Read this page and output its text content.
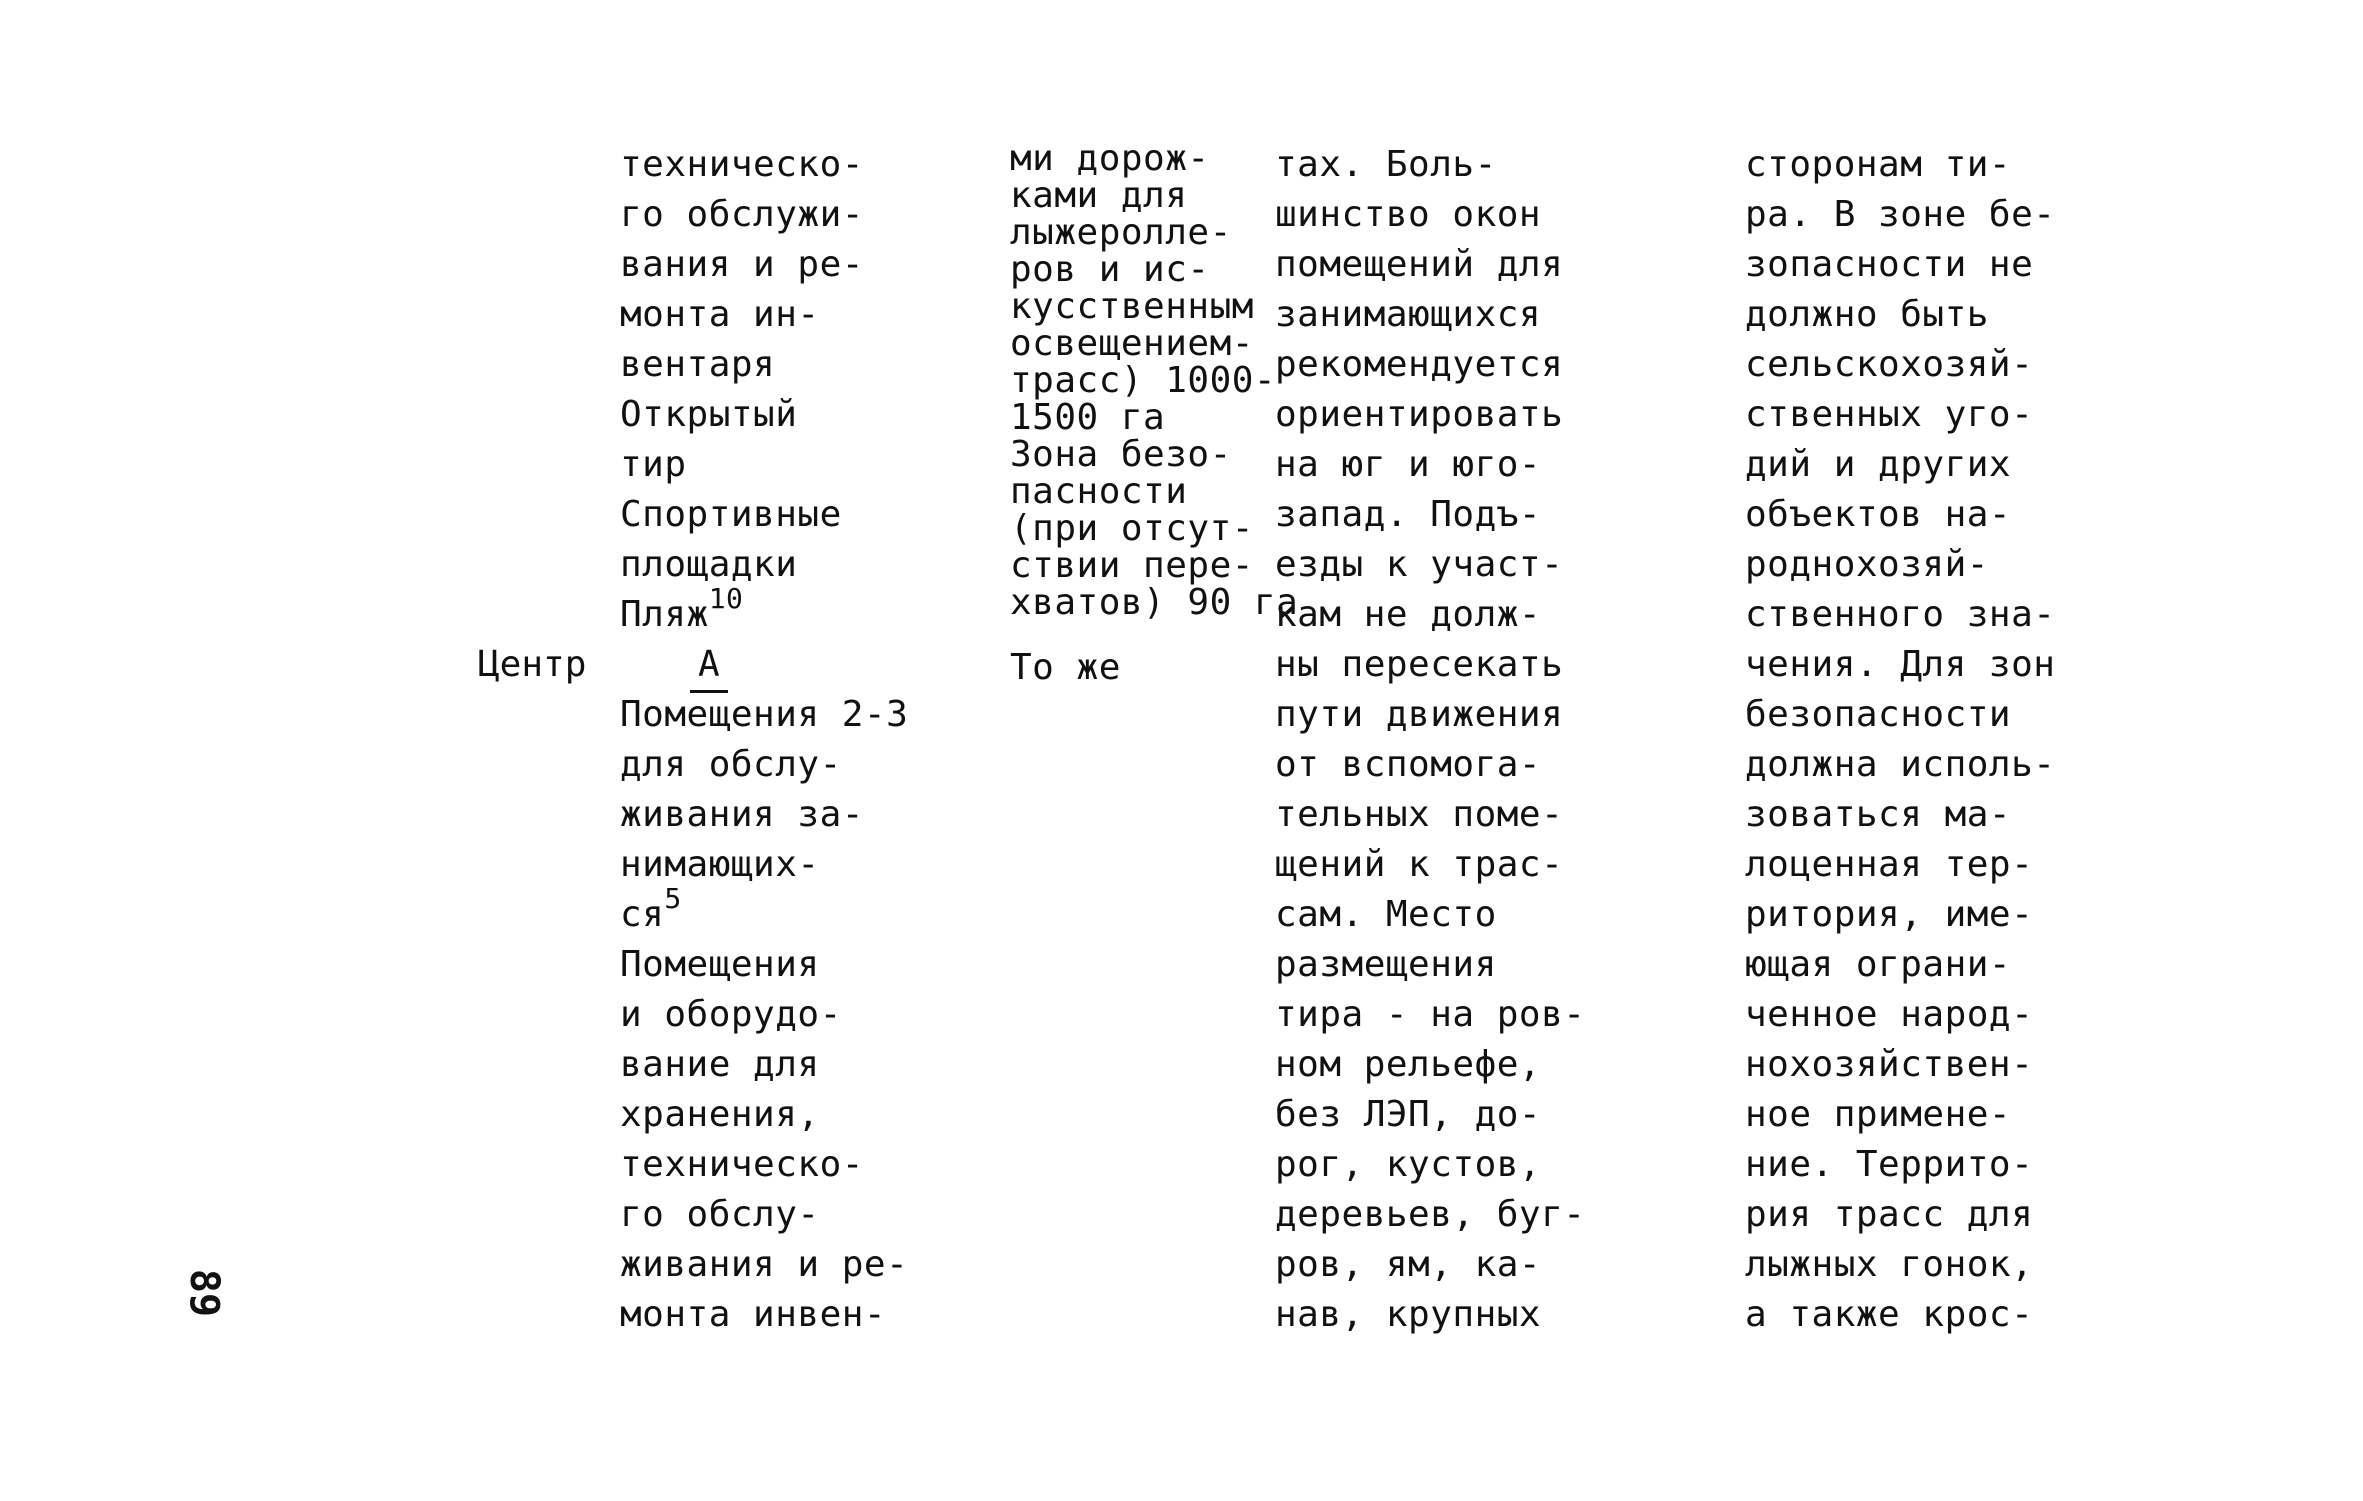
89
Центр	А
техническо-
го обслужи-
вания и ре-
монта ин-
вентаря
Открытый
тир
Спортивные
площадки
Пляж$^{10}$

Помещения 2-3
для обслу-
живания за-
нимающих-
$ся^5$
Помещения
и оборудо-
вание для
хранения,
техническо-
го обслу-
живания и ре-
монта инвен-
ми дорож-
ками для
лыжеролле-
ров и ис-
кусственным
освещением-
трасс) 1000-
1500 га
Зона безо-
пасности
(при отсут-
ствии пере-
хватов) 90 га

То же
тах. Боль-
шинство окон
помещений для
занимающихся
рекомендуется
ориентировать
на юг и юго-
запад. Подъ-
езды к участ-
кам не долж-
ны пересекать
пути движения
от вспомога-
тельных поме-
щений к трас-
сам. Место
размещения
тира - на ров-
ном рельефе,
без ЛЭП, до-
рог, кустов,
деревьев, буг-
ров, ям, ка-
нав, крупных
сторонам ти-
ра. В зоне бе-
зопасности не
должно быть
сельскохозяй-
ственных уго-
дий и других
объектов на-
роднохозяй-
ственного зна-
чения. Для зон
безопасности
должна исполь-
зоваться ма-
лоценная тер-
ритория, име-
ющая ограни-
ченное народ-
нохозяйствен-
ное примене-
ние. Террито-
рия трасс для
лыжных гонок,
а также крос-
